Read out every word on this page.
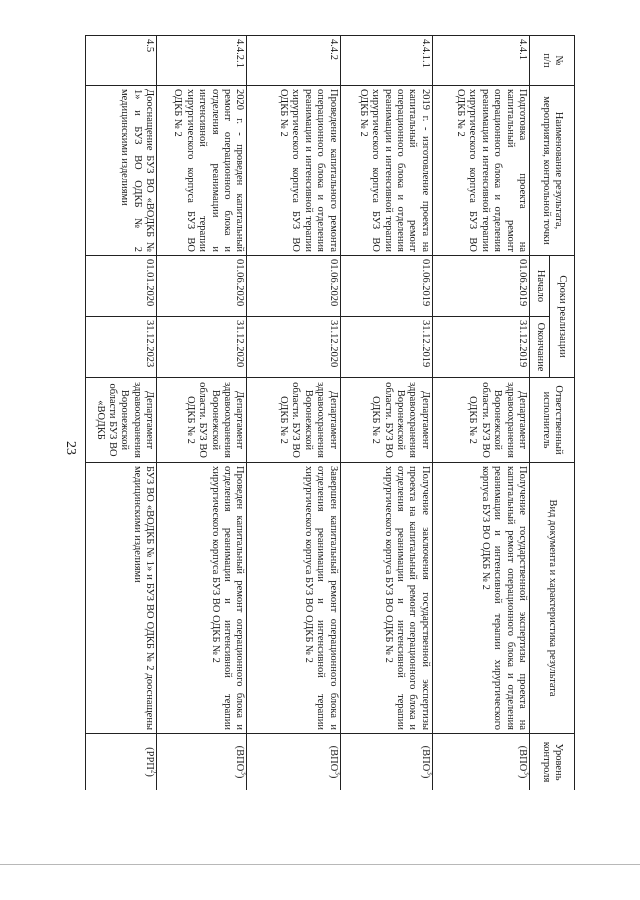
23
№
п/п	Наименование результата, мероприятия, контрольной точки	Сроки реализации		Ответственный исполнитель	Вид документа и характеристика результата	Уровень контроля
		Начало	Окончание			
4.4.1	Подготовка проекта на капитальный ремонт операционного блока и отделения реанимации и интенсивной терапии хирургического корпуса БУЗ ВО ОДКБ № 2	01.06.2019	31.12.2019	Департамент здравоохранения Воронежской области. БУЗ ВО ОДКБ № 2	Получение государственной экспертизы проекта на капитальный ремонт операционного блока и отделения реанимации и интенсивной терапии хирургического корпуса БУЗ ВО ОДКБ № 2	(ВПО$^3$)
4.4.1.1	2019 г. - изготовление проекта на капитальный ремонт операционного блока и отделения реанимации и интенсивной терапии хирургического корпуса БУЗ ВО ОДКБ № 2	01.06.2019	31.12.2019	Департамент здравоохранения Воронежской области. БУЗ ВО ОДКБ № 2	Получение заключения государственной экспертизы проекта на капитальный ремонт операционного блока и отделения реанимации и интенсивной терапии хирургического корпуса БУЗ ВО ОДКБ № 2	(ВПО$^3$)
4.4.2	Проведение капитального ремонта операционного блока и отделения реанимации и интенсивной терапии хирургического корпуса БУЗ ВО ОДКБ № 2	01.06.2020	31.12.2020	Департамент здравоохранения Воронежской области. БУЗ ВО ОДКБ № 2	Завершен капитальный ремонт операционного блока и отделения реанимации и интенсивной терапии хирургического корпуса БУЗ ВО ОДКБ № 2	(ВПО$^3$)
4.4.2.1	2020 г. - проведен капитальный ремонт операционного блока и отделения реанимации и интенсивной терапии хирургического корпуса БУЗ ВО ОДКБ № 2	01.06.2020	31.12.2020	Департамент здравоохранения Воронежской области. БУЗ ВО ОДКБ № 2	Проведен капитальный ремонт операционного блока и отделения реанимации и интенсивной терапии хирургического корпуса БУЗ ВО ОДКБ № 2	(ВПО$^3$)
4.5	Дооснащение БУЗ ВО «ВОДКБ № 1» и БУЗ ВО ОДКБ № 2 медицинскими изделиями	01.01.2020	31.12.2023	Департамент здравоохранения Воронежской области БУЗ ВО «ВОДКБ	БУЗ ВО «ВОДКБ № 1» и БУЗ ВО ОДКБ № 2 дооснащены медицинскими изделиями	(РРП$^2$)
